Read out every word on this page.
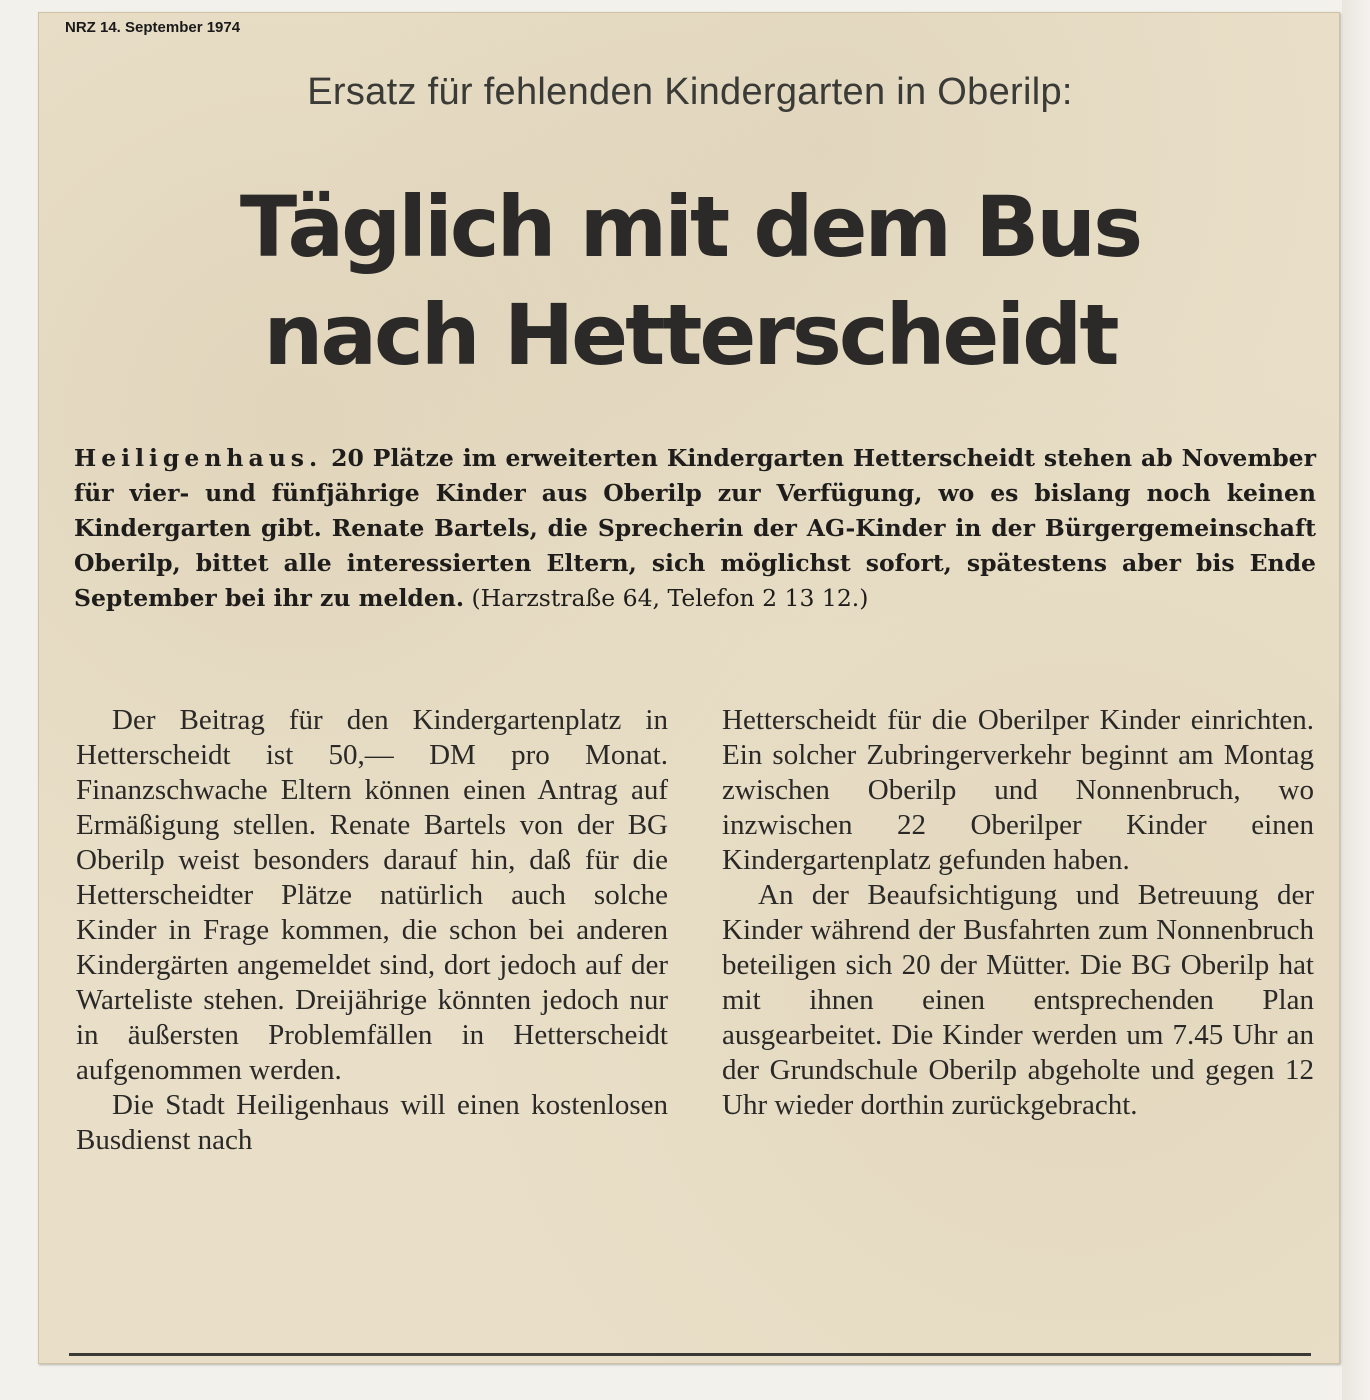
NRZ 14. September 1974
Ersatz für fehlenden Kindergarten in Oberilp:
Täglich mit dem Bus
nach Hetterscheidt
Heiligenhaus. 20 Plätze im erweiterten Kindergarten Hetterscheidt stehen ab November für vier- und fünfjährige Kinder aus Oberilp zur Verfügung, wo es bislang noch keinen Kindergarten gibt. Renate Bartels, die Sprecherin der AG-Kinder in der Bürgergemeinschaft Oberilp, bittet alle interessierten Eltern, sich möglichst sofort, spätestens aber bis Ende September bei ihr zu melden. (Harzstraße 64, Telefon 2 13 12.)

Der Beitrag für den Kindergartenplatz in Hetterscheidt ist 50,— DM pro Monat. Finanzschwache Eltern können einen Antrag auf Ermäßigung stellen. Renate Bartels von der BG Oberilp weist besonders darauf hin, daß für die Hetterscheidter Plätze natürlich auch solche Kinder in Frage kommen, die schon bei anderen Kindergärten angemeldet sind, dort jedoch auf der Warteliste stehen. Dreijährige könnten jedoch nur in äußersten Problemfällen in Hetterscheidt aufgenommen werden.

Die Stadt Heiligenhaus will einen kostenlosen Busdienst nach

Hetterscheidt für die Oberilper Kinder einrichten. Ein solcher Zubringerverkehr beginnt am Montag zwischen Oberilp und Nonnenbruch, wo inzwischen 22 Oberilper Kinder einen Kindergartenplatz gefunden haben.

An der Beaufsichtigung und Betreuung der Kinder während der Busfahrten zum Nonnenbruch beteiligen sich 20 der Mütter. Die BG Oberilp hat mit ihnen einen entsprechenden Plan ausgearbeitet. Die Kinder werden um 7.45 Uhr an der Grundschule Oberilp abgeholte und gegen 12 Uhr wieder dorthin zurückgebracht.
